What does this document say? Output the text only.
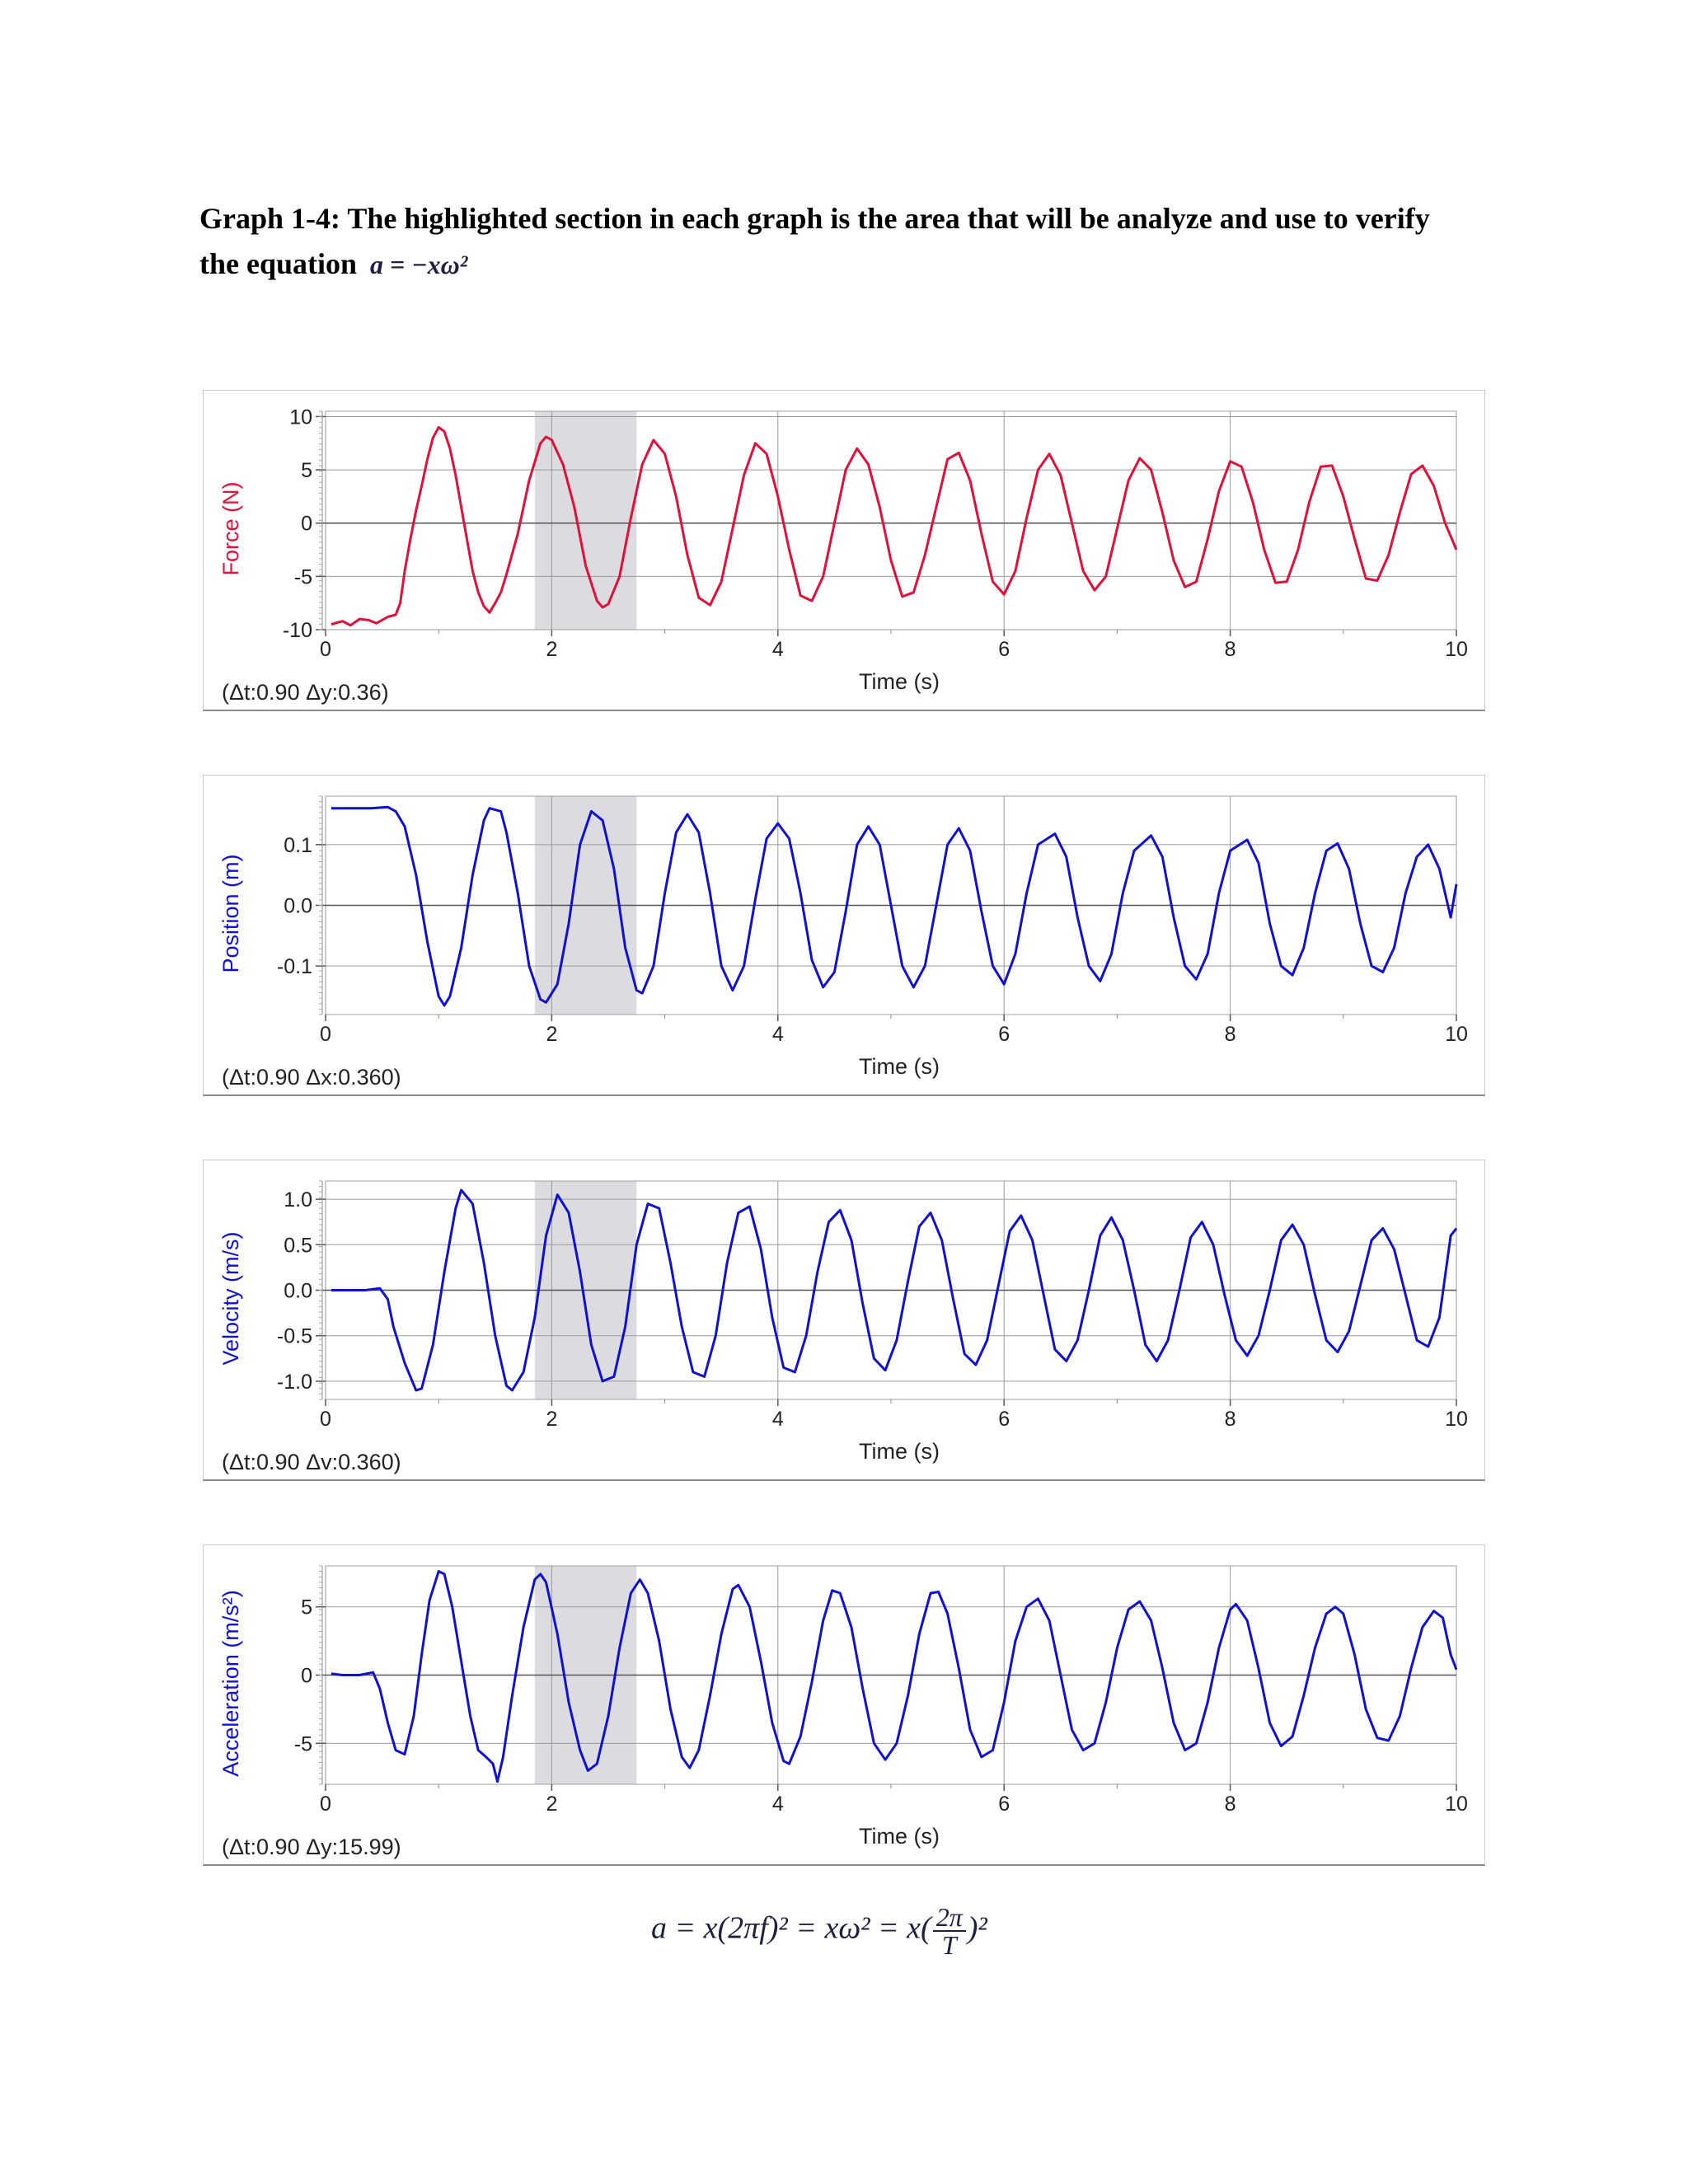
Graph 1-4: The highlighted section in each graph is the area that will be analyze and use to verify
the equation a = −xω²
0	2	4	6	8	10
10
5
0
-5
-10
Force (N)
Time (s)
(Δt:0.90 Δy:0.36)
0	2	4	6	8	10
0.1
0.0
-0.1
Position (m)
Time (s)
(Δt:0.90 Δx:0.360)
0	2	4	6	8	10
1.0
0.5
0.0
-0.5
-1.0
Velocity (m/s)
Time (s)
(Δt:0.90 Δv:0.360)
0	2	4	6	8	10
5
0
-5
Acceleration (m/s²)
Time (s)
(Δt:0.90 Δy:15.99)
$a = x(2\pi f)^2 = x\omega^2 = x( \frac{2\pi}{T} )^2$
